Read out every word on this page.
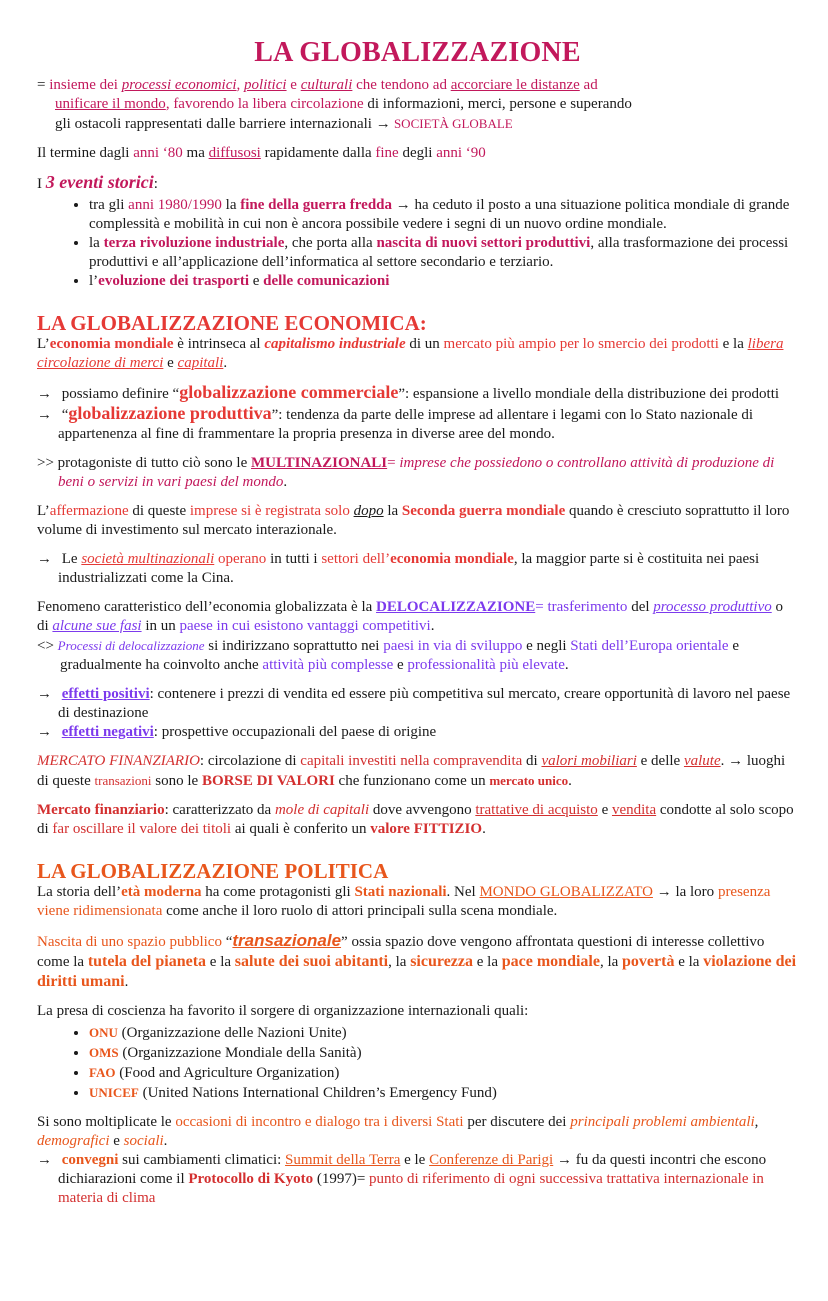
LA GLOBALIZZAZIONE

= insieme dei processi economici, politici e culturali che tendono ad accorciare le distanze ad

unificare il mondo, favorendo la libera circolazione di informazioni, merci, persone e superando

gli ostacoli rappresentati dalle barriere internazionali → SOCIETÀ GLOBALE

Il termine dagli anni ‘80 ma diffusosi rapidamente dalla fine degli anni ‘90

I 3 eventi storici:

• tra gli anni 1980/1990 la fine della guerra fredda → ha ceduto il posto a una situazione politica mondiale di grande complessità e mobilità in cui non è ancora possibile vedere i segni di un nuovo ordine mondiale.
• la terza rivoluzione industriale, che porta alla nascita di nuovi settori produttivi, alla trasformazione dei processi produttivi e all’applicazione dell’informatica al settore secondario e terziario.
• l’evoluzione dei trasporti e delle comunicazioni
LA GLOBALIZZAZIONE ECONOMICA:

L’economia mondiale è intrinseca al capitalismo industriale di un mercato più ampio per lo smercio dei prodotti e la libera circolazione di merci e capitali.

→ possiamo definire “globalizzazione commerciale”: espansione a livello mondiale della distribuzione dei prodotti

→ “globalizzazione produttiva”: tendenza da parte delle imprese ad allentare i legami con lo Stato nazionale di appartenenza al fine di frammentare la propria presenza in diverse aree del mondo.

>> protagoniste di tutto ciò sono le MULTINAZIONALI= imprese che possiedono o controllano attività di produzione di beni o servizi in vari paesi del mondo.

L’affermazione di queste imprese si è registrata solo dopo la Seconda guerra mondiale quando è cresciuto soprattutto il loro volume di investimento sul mercato interazionale.

→ Le società multinazionali operano in tutti i settori dell’economia mondiale, la maggior parte si è costituita nei paesi industrializzati come la Cina.

Fenomeno caratteristico dell’economia globalizzata è la DELOCALIZZAZIONE= trasferimento del processo produttivo o di alcune sue fasi in un paese in cui esistono vantaggi competitivi.

<> Processi di delocalizzazione si indirizzano soprattutto nei paesi in via di sviluppo e negli Stati dell’Europa orientale e gradualmente ha coinvolto anche attività più complesse e professionalità più elevate.

→ effetti positivi: contenere i prezzi di vendita ed essere più competitiva sul mercato, creare opportunità di lavoro nel paese di destinazione

→ effetti negativi: prospettive occupazionali del paese di origine

MERCATO FINANZIARIO: circolazione di capitali investiti nella compravendita di valori mobiliari e delle valute. → luoghi di queste transazioni sono le BORSE DI VALORI che funzionano come un mercato unico.

Mercato finanziario: caratterizzato da mole di capitali dove avvengono trattative di acquisto e vendita condotte al solo scopo di far oscillare il valore dei titoli ai quali è conferito un valore FITTIZIO.

LA GLOBALIZZAZIONE POLITICA

La storia dell’età moderna ha come protagonisti gli Stati nazionali. Nel MONDO GLOBALIZZATO → la loro presenza viene ridimensionata come anche il loro ruolo di attori principali sulla scena mondiale.

Nascita di uno spazio pubblico “transazionale” ossia spazio dove vengono affrontata questioni di interesse collettivo come la tutela del pianeta e la salute dei suoi abitanti, la sicurezza e la pace mondiale, la povertà e la violazione dei diritti umani.

La presa di coscienza ha favorito il sorgere di organizzazione internazionali quali:

• ONU (Organizzazione delle Nazioni Unite)
• OMS (Organizzazione Mondiale della Sanità)
• FAO (Food and Agriculture Organization)
• UNICEF (United Nations International Children’s Emergency Fund)

Si sono moltiplicate le occasioni di incontro e dialogo tra i diversi Stati per discutere dei principali problemi ambientali, demografici e sociali.

→ convegni sui cambiamenti climatici: Summit della Terra e le Conferenze di Parigi → fu da questi incontri che escono dichiarazioni come il Protocollo di Kyoto (1997)= punto di riferimento di ogni successiva trattativa internazionale in materia di clima
